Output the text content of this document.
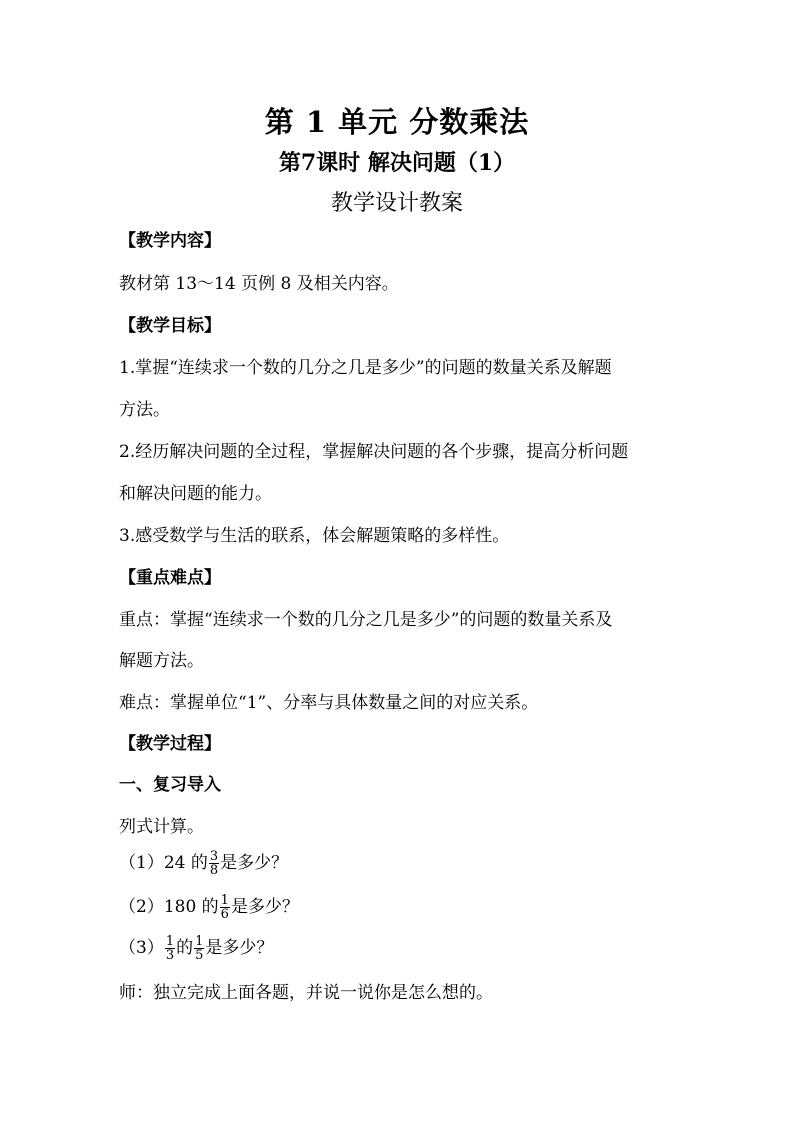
第 1 单元 分数乘法
第7课时 解决问题（1）
教学设计教案
【教学内容】
教材第 13～14 页例 8 及相关内容。
【教学目标】
1.掌握“连续求一个数的几分之几是多少”的问题的数量关系及解题
方法。
2.经历解决问题的全过程，掌握解决问题的各个步骤，提高分析问题
和解决问题的能力。
3.感受数学与生活的联系，体会解题策略的多样性。
【重点难点】
重点：掌握“连续求一个数的几分之几是多少”的问题的数量关系及
解题方法。
难点：掌握单位“1”、分率与具体数量之间的对应关系。
【教学过程】
一、复习导入
列式计算。
（1）24 的 $\frac{3}{8}$ 是多少？
（2）180 的 $\frac{1}{6}$ 是多少？
$(3) \frac{1}{3}$ 的 $\frac{1}{5}$ 是多少？
师：独立完成上面各题，并说一说你是怎么想的。
